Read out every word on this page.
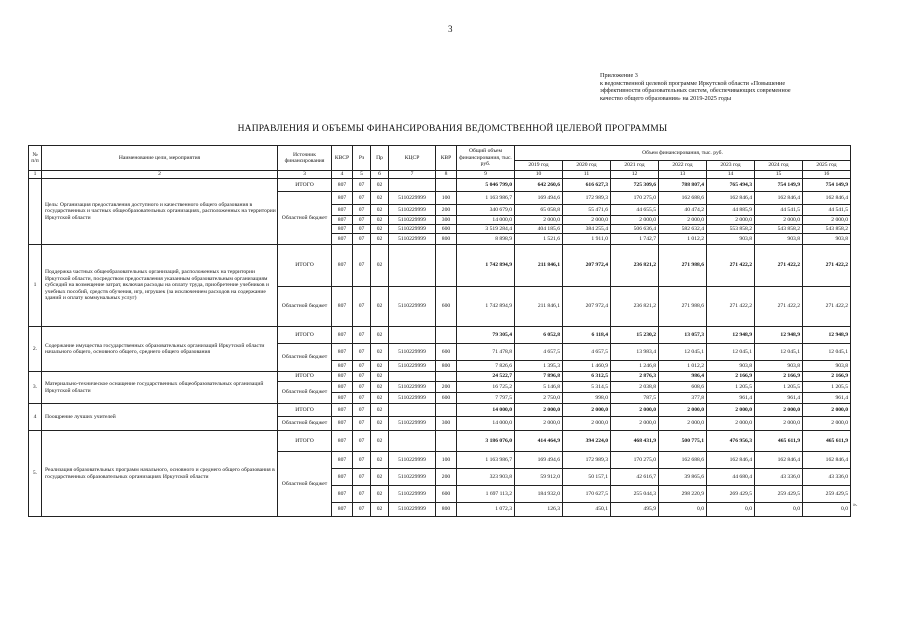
3
Приложение 3
к ведомственной целевой программе Иркутской области «Повышение
эффективности образовательных систем, обеспечивающих современное
качество общего образования» на 2019-2025 годы
НАПРАВЛЕНИЯ И ОБЪЕМЫ ФИНАНСИРОВАНИЯ ВЕДОМСТВЕННОЙ ЦЕЛЕВОЙ ПРОГРАММЫ
№ п/п	Наименование цели, мероприятия	Источник финансирования	КВСР	Рз	Пр	КЦСР	КВР	Общий объем финансирования, тыс. руб.	Объем финансирования, тыс. руб.						
									2019 год	2020 год	2021 год	2022 год	2023 год	2024 год	2025 год
1	2	3	4	5	6	7	8	9	10	11	12	13	14	15	16
	Цель: Организация предоставления доступного и качественного общего образования в государственных и частных общеобразовательных организациях, расположенных на территории Иркутской области	ИТОГО	807	07	02			5 046 799,0	642 260,6	616 627,3	725 309,6	788 807,4	765 494,3	754 149,9	754 149,9
		Областной бюджет	807	07	02	5110229999	100	1 163 986,7	169 494,6	172 989,3	170 275,0	162 688,6	162 846,4	162 846,4	162 846,4
			807	07	02	5110229999	200	340 679,0	65 058,8	55 471,6	44 655,5	40 474,2	44 885,9	44 541,5	44 541,5
			807	07	02	5110229999	300	14 000,0	2 000,0	2 000,0	2 000,0	2 000,0	2 000,0	2 000,0	2 000,0
			807	07	02	5110229999	600	3 519 284,4	404 185,6	384 255,4	506 636,4	582 632,4	553 858,2	543 858,2	543 858,2
			807	07	02	5110229999	800	8 898,9	1 521,6	1 911,0	1 742,7	1 012,2	903,8	903,8	903,8
1	Поддержка частных общеобразовательных организаций, расположенных на территории Иркутской области, посредством предоставления указанным образовательным организациям субсидий на возмещение затрат, включая расходы на оплату труда, приобретение учебников и учебных пособий, средств обучения, игр, игрушек (за исключением расходов на содержание зданий и оплату коммунальных услуг)	ИТОГО	807	07	02			1 742 894,9	211 846,1	207 972,4	236 821,2	271 988,6	271 422,2	271 422,2	271 422,2
		Областной бюджет	807	07	02	5110229999	600	1 742 894,9	211 846,1	207 972,4	236 821,2	271 988,6	271 422,2	271 422,2	271 422,2
2.	Содержание имущества государственных образовательных организаций Иркутской области начального общего, основного общего, среднего общего образования	ИТОГО	807	07	02			79 305,4	6 052,8	6 118,4	15 230,2	13 057,3	12 948,9	12 948,9	12 948,9
		Областной бюджет	807	07	02	5110229999	600	71 478,8	4 657,5	4 657,5	13 983,4	12 045,1	12 045,1	12 045,1	12 045,1
			807	07	02	5110229999	800	7 826,6	1 395,3	1 460,9	1 246,8	1 012,2	903,8	903,8	903,8
3.	Материально-техническое оснащение государственных общеобразовательных организаций Иркутской области	ИТОГО	807	07	02			24 522,7	7 896,8	6 312,5	2 876,3	986,4	2 166,9	2 166,9	2 166,9
		Областной бюджет	807	07	02	5110229999	200	16 725,2	5 146,8	5 314,5	2 038,8	608,6	1 205,5	1 205,5	1 205,5
			807	07	02	5110229999	600	7 797,5	2 750,0	998,0	787,5	377,8	961,4	961,4	961,4
4	Поощрение лучших учителей	ИТОГО	807	07	02			14 000,0	2 000,0	2 000,0	2 000,0	2 000,0	2 000,0	2 000,0	2 000,0
		Областной бюджет	807	07	02	5110229999	300	14 000,0	2 000,0	2 000,0	2 000,0	2 000,0	2 000,0	2 000,0	2 000,0
5.	Реализация образовательных программ начального, основного и среднего общего образования в государственных образовательных организациях Иркутской области	ИТОГО	807	07	02			3 186 076,0	414 464,9	394 224,0	468 431,9	500 775,1	476 956,3	465 611,9	465 611,9
		Областной бюджет	807	07	02	5110229999	100	1 163 986,7	169 494,6	172 989,3	170 275,0	162 688,6	162 846,4	162 846,4	162 846,4
			807	07	02	5110229999	200	323 903,8	59 912,0	50 157,1	42 616,7	39 865,6	44 680,4	43 336,0	43 336,0
			807	07	02	5110229999	600	1 697 113,2	184 932,0	170 627,5	255 044,3	298 220,9	269 429,5	259 429,5	259 429,5
			807	07	02	5110229999	800	1 072,3	126,3	450,1	495,9	0,0	0,0	0,0	0,0
».
